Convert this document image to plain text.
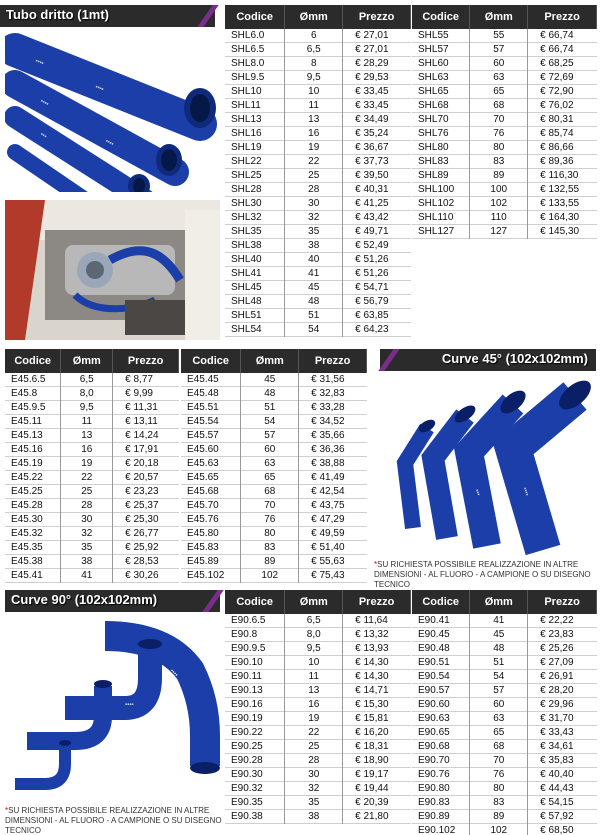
Tubo dritto (1mt)
▪▪▪▪
▪▪▪▪
▪▪▪▪
▪▪▪▪
▪▪▪
Codice	Ømm	Prezzo
SHL6.0	6	€ 27,01
SHL6.5	6,5	€ 27,01
SHL8.0	8	€ 28,29
SHL9.5	9,5	€ 29,53
SHL10	10	€ 33,45
SHL11	11	€ 33,45
SHL13	13	€ 34,49
SHL16	16	€ 35,24
SHL19	19	€ 36,67
SHL22	22	€ 37,73
SHL25	25	€ 39,50
SHL28	28	€ 40,31
SHL30	30	€ 41,25
SHL32	32	€ 43,42
SHL35	35	€ 49,71
SHL38	38	€ 52,49
SHL40	40	€ 51,26
SHL41	41	€ 51,26
SHL45	45	€ 54,71
SHL48	48	€ 56,79
SHL51	51	€ 63,85
SHL54	54	€ 64,23
Codice	Ømm	Prezzo
SHL55	55	€ 66,74
SHL57	57	€ 66,74
SHL60	60	€ 68,25
SHL63	63	€ 72,69
SHL65	65	€ 72,90
SHL68	68	€ 76,02
SHL70	70	€ 80,31
SHL76	76	€ 85,74
SHL80	80	€ 86,66
SHL83	83	€ 89,36
SHL89	89	€ 116,30
SHL100	100	€ 132,55
SHL102	102	€ 133,55
SHL110	110	€ 164,30
SHL127	127	€ 145,30
Codice	Ømm	Prezzo
E45.6.5	6,5	€ 8,77
E45.8	8,0	€ 9,99
E45.9.5	9,5	€ 11,31
E45.11	11	€ 13,11
E45.13	13	€ 14,24
E45.16	16	€ 17,91
E45.19	19	€ 20,18
E45.22	22	€ 20,57
E45.25	25	€ 23,23
E45.28	28	€ 25,37
E45.30	30	€ 25,30
E45.32	32	€ 26,77
E45.35	35	€ 25,92
E45.38	38	€ 28,53
E45.41	41	€ 30,26
Codice	Ømm	Prezzo
E45.45	45	€ 31,56
E45.48	48	€ 32,83
E45.51	51	€ 33,28
E45.54	54	€ 34,52
E45.57	57	€ 35,66
E45.60	60	€ 36,36
E45.63	63	€ 38,88
E45.65	65	€ 41,49
E45.68	68	€ 42,54
E45.70	70	€ 43,75
E45.76	76	€ 47,29
E45.80	80	€ 49,59
E45.83	83	€ 51,40
E45.89	89	€ 55,63
E45.102	102	€ 75,43
Curve 45° (102x102mm)
▪▪▪	▪▪▪▪
*SU RICHIESTA POSSIBILE REALIZZAZIONE IN ALTRE DIMENSIONI - AL FLUORO - A CAMPIONE O SU DISEGNO TECNICO
Curve 90° (102x102mm)
▪▪▪▪
▪▪▪▪
*SU RICHIESTA POSSIBILE REALIZZAZIONE IN ALTRE DIMENSIONI - AL FLUORO - A CAMPIONE O SU DISEGNO TECNICO
Codice	Ømm	Prezzo
E90.6.5	6,5	€ 11,64
E90.8	8,0	€ 13,32
E90.9.5	9,5	€ 13,93
E90.10	10	€ 14,30
E90.11	11	€ 14,30
E90.13	13	€ 14,71
E90.16	16	€ 15,30
E90.19	19	€ 15,81
E90.22	22	€ 16,20
E90.25	25	€ 18,31
E90.28	28	€ 18,90
E90.30	30	€ 19,17
E90.32	32	€ 19,44
E90.35	35	€ 20,39
E90.38	38	€ 21,80
Codice	Ømm	Prezzo
E90.41	41	€ 22,22
E90.45	45	€ 23,83
E90.48	48	€ 25,26
E90.51	51	€ 27,09
E90.54	54	€ 26,91
E90.57	57	€ 28,20
E90.60	60	€ 29,96
E90.63	63	€ 31,70
E90.65	65	€ 33,43
E90.68	68	€ 34,61
E90.70	70	€ 35,83
E90.76	76	€ 40,40
E90.80	80	€ 44,43
E90.83	83	€ 54,15
E90.89	89	€ 57,92
E90.102	102	€ 68,50
